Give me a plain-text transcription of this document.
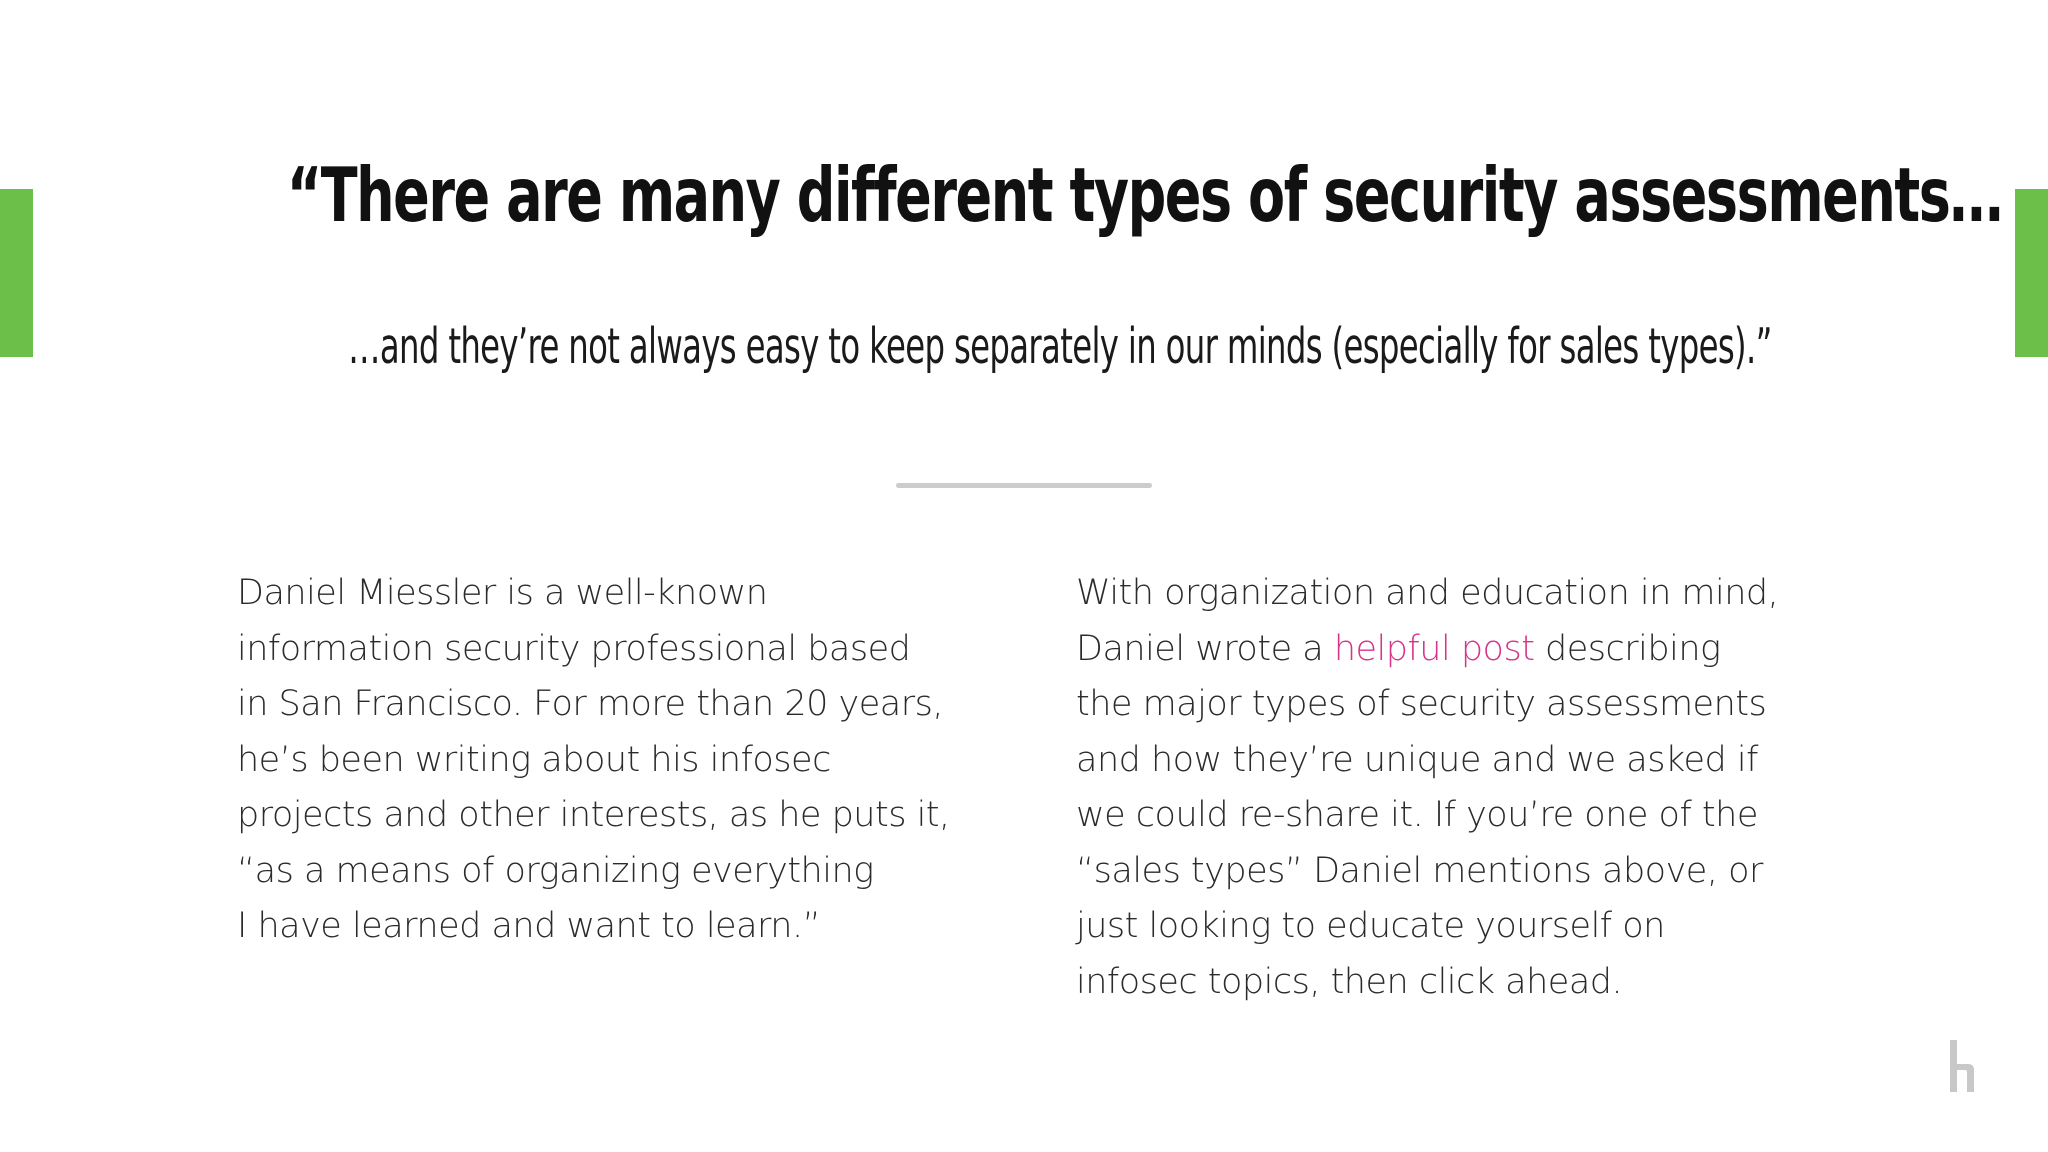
“There are many different types of security assessments…
…and they’re not always easy to keep separately in our minds (especially for sales types).”
Daniel Miessler is a well-known
information security professional based
in San Francisco. For more than 20 years,
he’s been writing about his infosec
projects and other interests, as he puts it,
“as a means of organizing everything
I have learned and want to learn.”
With organization and education in mind,
Daniel wrote a helpful post describing
the major types of security assessments
and how they’re unique and we asked if
we could re-share it. If you’re one of the
“sales types” Daniel mentions above, or
just looking to educate yourself on
infosec topics, then click ahead.
